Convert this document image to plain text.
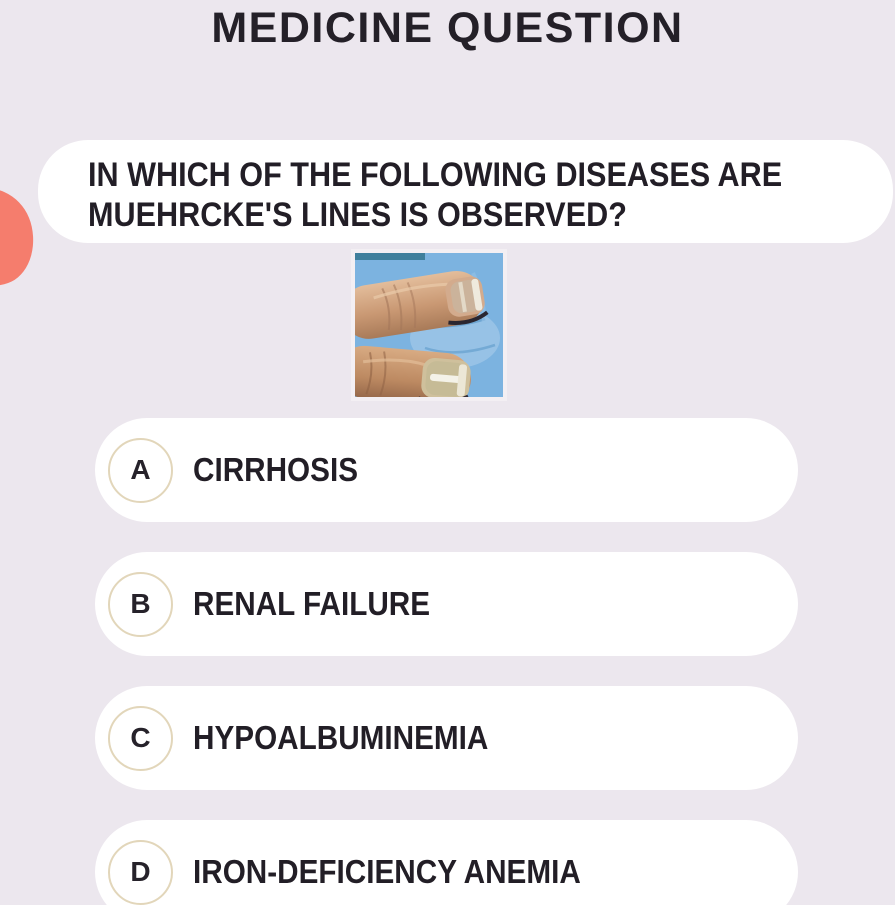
MEDICINE QUESTION
IN WHICH OF THE FOLLOWING DISEASES ARE
MUEHRCKE'S LINES IS OBSERVED?
A	CIRRHOSIS
B	RENAL FAILURE
C	HYPOALBUMINEMIA
D	IRON-DEFICIENCY ANEMIA
